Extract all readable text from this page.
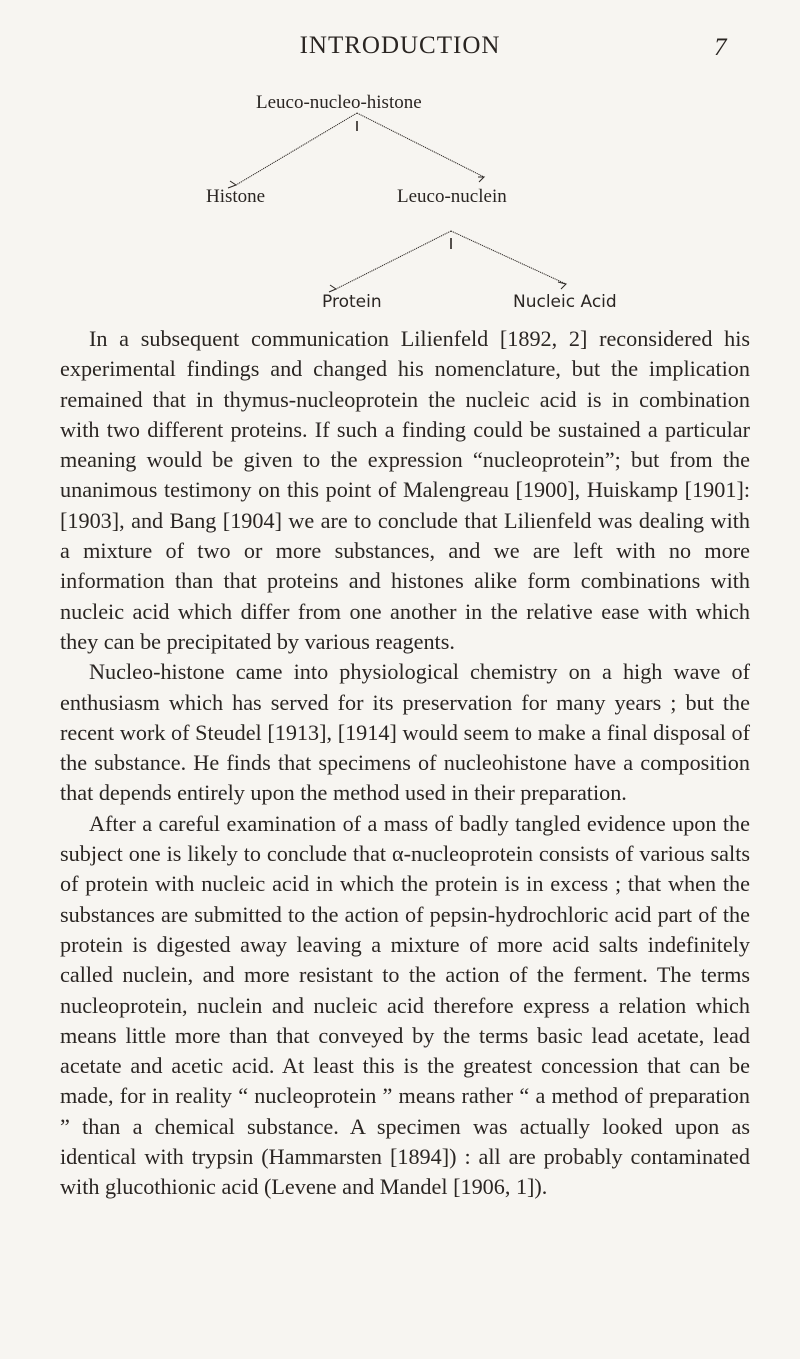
INTRODUCTION	7
Leuco-nucleo-histone
Histone	Leuco-nuclein
Protein	Nucleic Acid

In a subsequent communication Lilienfeld [1892, 2] reconsidered his experimental findings and changed his nomenclature, but the implication remained that in thymus-nucleoprotein the nucleic acid is in combination with two different proteins. If such a finding could be sustained a particular meaning would be given to the expression “nucleoprotein”; but from the unanimous testimony on this point of Malengreau [1900], Huiskamp [1901]: [1903], and Bang [1904] we are to conclude that Lilienfeld was dealing with a mixture of two or more substances, and we are left with no more information than that proteins and histones alike form combinations with nucleic acid which differ from one another in the relative ease with which they can be precipitated by various reagents.

Nucleo-histone came into physiological chemistry on a high wave of enthusiasm which has served for its preservation for many years ; but the recent work of Steudel [1913], [1914] would seem to make a final disposal of the substance. He finds that specimens of nucleohistone have a composition that depends entirely upon the method used in their preparation.

After a careful examination of a mass of badly tangled evidence upon the subject one is likely to conclude that α-nucleoprotein consists of various salts of protein with nucleic acid in which the protein is in excess ; that when the substances are submitted to the action of pepsin-hydrochloric acid part of the protein is digested away leaving a mixture of more acid salts indefinitely called nuclein, and more resistant to the action of the ferment. The terms nucleoprotein, nuclein and nucleic acid therefore express a relation which means little more than that conveyed by the terms basic lead acetate, lead acetate and acetic acid. At least this is the greatest concession that can be made, for in reality “ nucleoprotein ” means rather “ a method of preparation ” than a chemical substance. A specimen was actually looked upon as identical with trypsin (Hammarsten [1894]) : all are probably contaminated with glucothionic acid (Levene and Mandel [1906, 1]).
